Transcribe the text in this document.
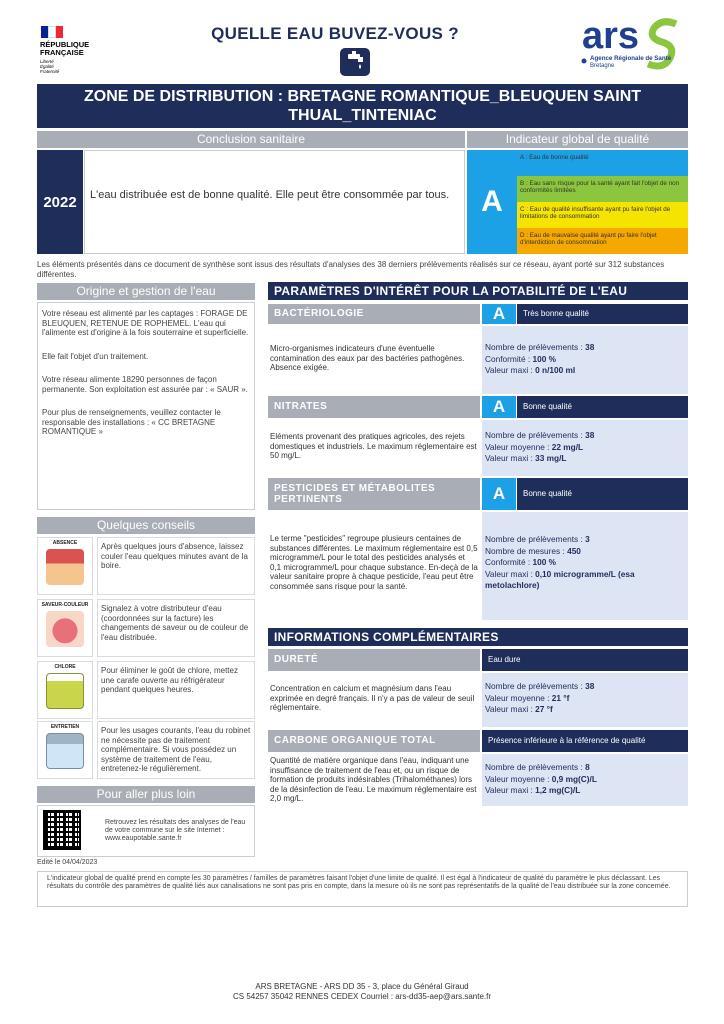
RÉPUBLIQUE
FRANÇAISE
Liberté
Égalité
Fraternité
QUELLE EAU BUVEZ-VOUS ?	ars
Agence Régionale de Santé
Bretagne
ZONE DE DISTRIBUTION : BRETAGNE ROMANTIQUE_BLEUQUEN SAINT THUAL_TINTENIAC
Conclusion sanitaire	Indicateur global de qualité
2022	L'eau distribuée est de bonne qualité. Elle peut être consommée par tous.	A
A : Eau de bonne qualité
B : Eau sans risque pour la santé ayant fait l'objet de non conformités limitées
C : Eau de qualité insuffisante ayant pu faire l'objet de limitations de consommation
D : Eau de mauvaise qualité ayant pu faire l'objet d'interdiction de consommation
Les éléments présentés dans ce document de synthèse sont issus des résultats d'analyses des 38 derniers prélèvements réalisés sur ce réseau, ayant porté sur 312 substances différentes.
Origine et gestion de l'eau

Votre réseau est alimenté par les captages : FORAGE DE BLEUQUEN, RETENUE DE ROPHEMEL. L'eau qui l'alimente est d'origine à la fois souterraine et superficielle.

Elle fait l'objet d'un traitement.

Votre réseau alimente 18290 personnes de façon permanente. Son exploitation est assurée par : « SAUR ».

Pour plus de renseignements, veuillez contacter le responsable des installations : « CC BRETAGNE ROMANTIQUE »

Quelques conseils
ABSENCE	Après quelques jours d'absence, laissez couler l'eau quelques minutes avant de la boire.
SAVEUR-COULEUR	Signalez à votre distributeur d'eau (coordonnées sur la facture) les changements de saveur ou de couleur de l'eau distribuée.
CHLORE	Pour éliminer le goût de chlore, mettez une carafe ouverte au réfrigérateur pendant quelques heures.
ENTRETIEN	Pour les usages courants, l'eau du robinet ne nécessite pas de traitement complémentaire. Si vous possédez un système de traitement de l'eau, entretenez-le régulièrement.
Pour aller plus loin
Retrouvez les résultats des analyses de l'eau de votre commune sur le site Internet : www.eaupotable.sante.fr
Edité le 04/04/2023
PARAMÈTRES D'INTÉRÊT POUR LA POTABILITÉ DE L'EAU
BACTÉRIOLOGIE	A	Très bonne qualité
Micro-organismes indicateurs d'une éventuelle contamination des eaux par des bactéries pathogènes. Absence exigée.
Nombre de prélèvements : 38
Conformité : 100 %
Valeur maxi : 0 n/100 ml
NITRATES	A	Bonne qualité
Eléments provenant des pratiques agricoles, des rejets domestiques et industriels. Le maximum réglementaire est 50 mg/L.
Nombre de prélèvements : 38
Valeur moyenne : 22 mg/L
Valeur maxi : 33 mg/L
PESTICIDES ET MÉTABOLITES PERTINENTS	A	Bonne qualité
Le terme "pesticides" regroupe plusieurs centaines de substances différentes. Le maximum réglementaire est 0,5 microgramme/L pour le total des pesticides analysés et 0,1 microgramme/L pour chaque substance. En-deçà de la valeur sanitaire propre à chaque pesticide, l'eau peut être consommée sans risque pour la santé.
Nombre de prélèvements : 3
Nombre de mesures : 450
Conformité : 100 %
Valeur maxi : 0,10 microgramme/L (esa metolachlore)
INFORMATIONS COMPLÉMENTAIRES
DURETÉ	Eau dure
Concentration en calcium et magnésium dans l'eau exprimée en degré français. Il n'y a pas de valeur de seuil réglementaire.
Nombre de prélèvements : 38
Valeur moyenne : 21 °f
Valeur maxi : 27 °f
CARBONE ORGANIQUE TOTAL	Présence inférieure à la référence de qualité
Quantité de matière organique dans l'eau, indiquant une insuffisance de traitement de l'eau et, ou un risque de formation de produits indésirables (Trihalométhanes) lors de la désinfection de l'eau. Le maximum réglementaire est 2,0 mg/L.
Nombre de prélèvements : 8
Valeur moyenne : 0,9 mg(C)/L
Valeur maxi : 1,2 mg(C)/L
L'indicateur global de qualité prend en compte les 30 paramètres / familles de paramètres faisant l'objet d'une limite de qualité. Il est égal à l'indicateur de qualité du paramètre le plus déclassant. Les résultats du contrôle des paramètres de qualité liés aux canalisations ne sont pas pris en compte, dans la mesure où ils ne sont pas représentatifs de la qualité de l'eau distribuée sur la zone concernée.
ARS BRETAGNE - ARS DD 35 - 3, place du Général Giraud
CS 54257 35042 RENNES CEDEX Courriel : ars-dd35-aep@ars.sante.fr
